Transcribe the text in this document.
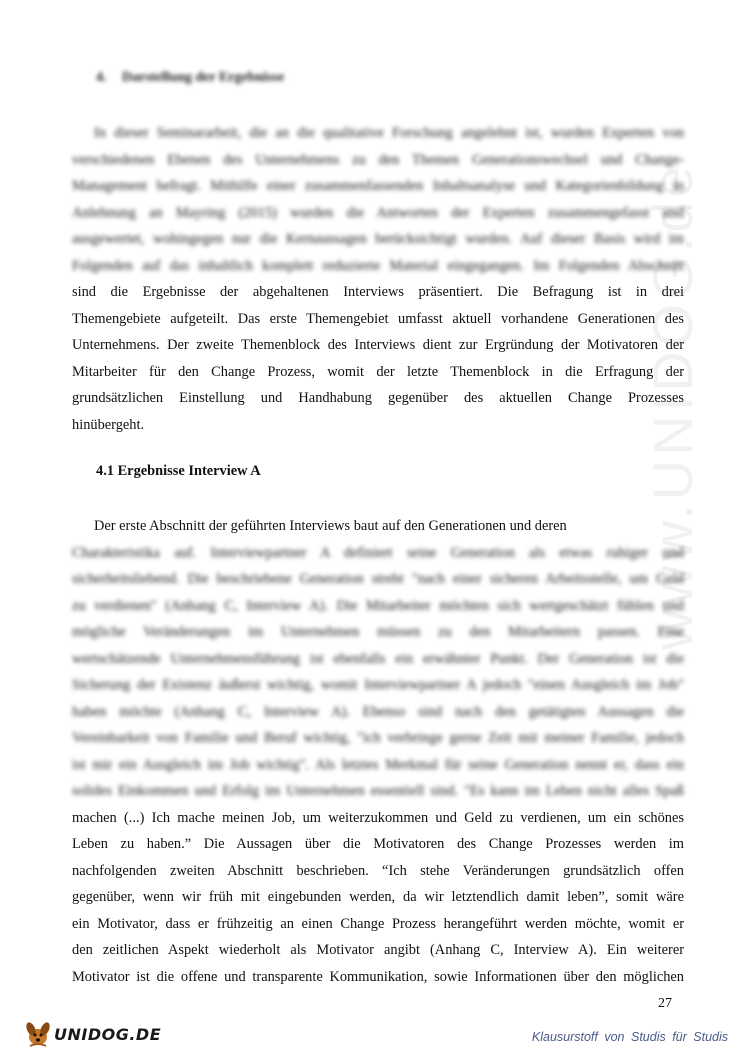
www.UNIDOG.de
4. Darstellung der Ergebnisse
In dieser Seminararbeit, die an die qualitative Forschung angelehnt ist, wurden Experten von
verschiedenen Ebenen des Unternehmens zu den Themen Generationswechsel und Change-
Management befragt. Mithilfe einer zusammenfassenden Inhaltsanalyse und Kategorienbildung in
Anlehnung an Mayring (2015) wurden die Antworten der Experten zusammengefasst und
ausgewertet, wohingegen nur die Kernaussagen berücksichtigt wurden. Auf dieser Basis wird im
Folgenden auf das inhaltlich komplett reduzierte Material eingegangen. Im Folgenden Abschnitt
sind die Ergebnisse der abgehaltenen Interviews präsentiert. Die Befragung ist in drei
Themengebiete aufgeteilt. Das erste Themengebiet umfasst aktuell vorhandene Generationen des
Unternehmens. Der zweite Themenblock des Interviews dient zur Ergründung der Motivatoren der
Mitarbeiter für den Change Prozess, womit der letzte Themenblock in die Erfragung der
grundsätzlichen Einstellung und Handhabung gegenüber des aktuellen Change Prozesses
hinübergeht.
4.1 Ergebnisse Interview A
Der erste Abschnitt der geführten Interviews baut auf den Generationen und deren
Charakteristika auf. Interviewpartner A definiert seine Generation als etwas ruhiger und
sicherheitsliebend. Die beschriebene Generation strebt "nach einer sicheren Arbeitsstelle, um Geld
zu verdienen" (Anhang C, Interview A). Die Mitarbeiter möchten sich wertgeschätzt fühlen und
mögliche Veränderungen im Unternehmen müssen zu den Mitarbeitern passen. Eine
wertschätzende Unternehmensführung ist ebenfalls ein erwähnter Punkt. Der Generation ist die
Sicherung der Existenz äußerst wichtig, womit Interviewpartner A jedoch "einen Ausgleich im Job"
haben möchte (Anhang C, Interview A). Ebenso sind nach den getätigten Aussagen die
Vereinbarkeit von Familie und Beruf wichtig, "ich verbringe gerne Zeit mit meiner Familie, jedoch
ist mir ein Ausgleich im Job wichtig". Als letztes Merkmal für seine Generation nennt er, dass ein
solides Einkommen und Erfolg im Unternehmen essentiell sind. "Es kann im Leben nicht alles Spaß
machen (...) Ich mache meinen Job, um weiterzukommen und Geld zu verdienen, um ein schönes
Leben zu haben.” Die Aussagen über die Motivatoren des Change Prozesses werden im
nachfolgenden zweiten Abschnitt beschrieben. “Ich stehe Veränderungen grundsätzlich offen
gegenüber, wenn wir früh mit eingebunden werden, da wir letztendlich damit leben”, somit wäre
ein Motivator, dass er frühzeitig an einen Change Prozess herangeführt werden möchte, womit er
den zeitlichen Aspekt wiederholt als Motivator angibt (Anhang C, Interview A). Ein weiterer
Motivator ist die offene und transparente Kommunikation, sowie Informationen über den möglichen
27
UNIDOG.DE	Klausurstoff von Studis für Studis
